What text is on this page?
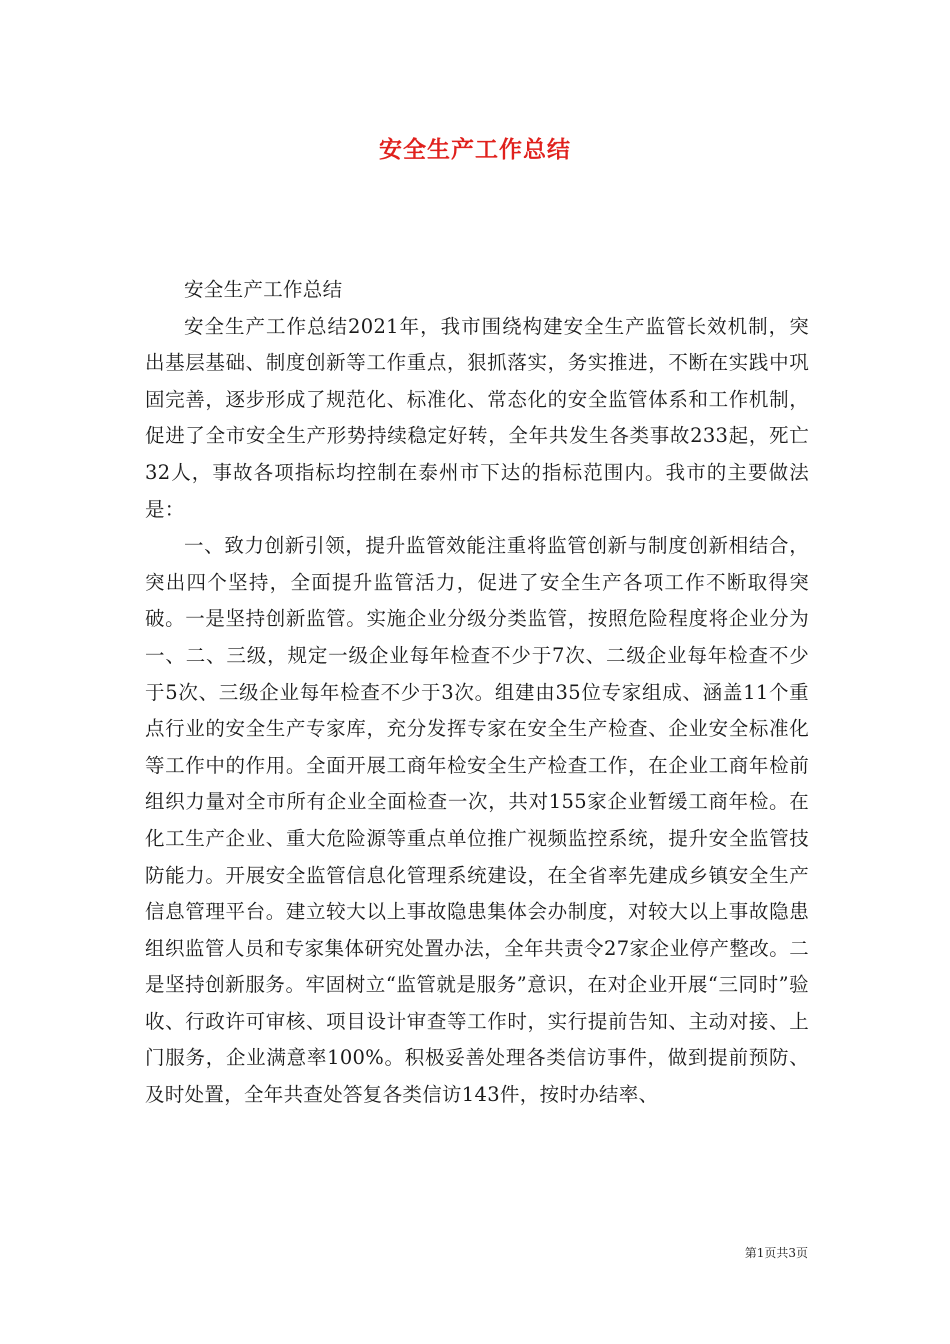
安全生产工作总结

安全生产工作总结

安全生产工作总结2021年，我市围绕构建安全生产监管长效机制，突出基层基础、制度创新等工作重点，狠抓落实，务实推进，不断在实践中巩固完善，逐步形成了规范化、标准化、常态化的安全监管体系和工作机制，促进了全市安全生产形势持续稳定好转，全年共发生各类事故233起，死亡32人，事故各项指标均控制在泰州市下达的指标范围内。我市的主要做法是：

一、致力创新引领，提升监管效能注重将监管创新与制度创新相结合，突出四个坚持，全面提升监管活力，促进了安全生产各项工作不断取得突破。一是坚持创新监管。实施企业分级分类监管，按照危险程度将企业分为一、二、三级，规定一级企业每年检查不少于7次、二级企业每年检查不少于5次、三级企业每年检查不少于3次。组建由35位专家组成、涵盖11个重点行业的安全生产专家库，充分发挥专家在安全生产检查、企业安全标准化等工作中的作用。全面开展工商年检安全生产检查工作，在企业工商年检前组织力量对全市所有企业全面检查一次，共对155家企业暂缓工商年检。在化工生产企业、重大危险源等重点单位推广视频监控系统，提升安全监管技防能力。开展安全监管信息化管理系统建设，在全省率先建成乡镇安全生产信息管理平台。建立较大以上事故隐患集体会办制度，对较大以上事故隐患组织监管人员和专家集体研究处置办法，全年共责令27家企业停产整改。二是坚持创新服务。牢固树立“监管就是服务”意识，在对企业开展“三同时”验收、行政许可审核、项目设计审查等工作时，实行提前告知、主动对接、上门服务，企业满意率100%。积极妥善处理各类信访事件，做到提前预防、及时处置，全年共查处答复各类信访143件，按时办结率、

第1页共3页
